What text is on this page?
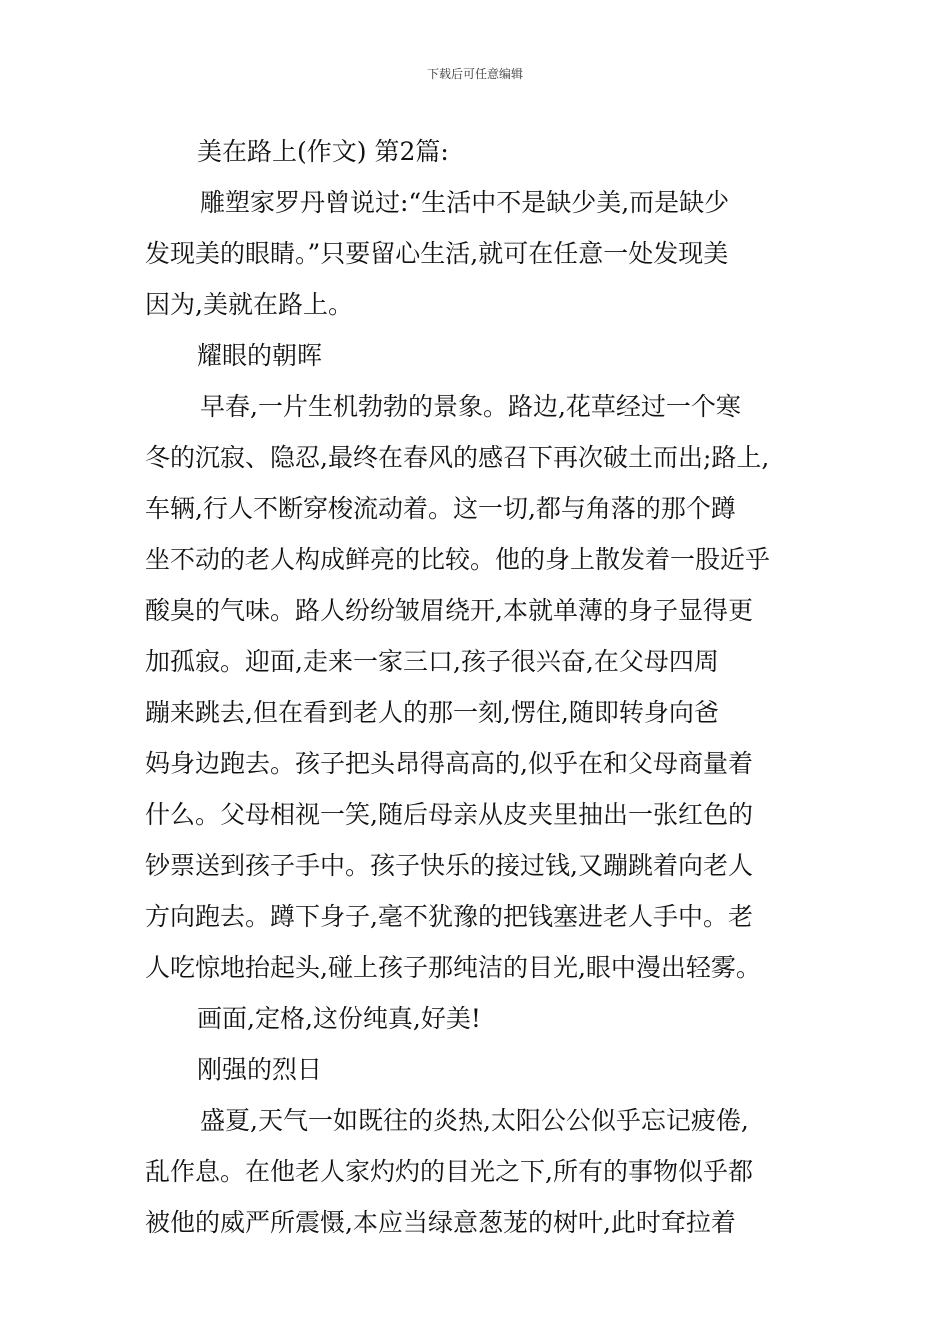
下载后可任意编辑
美在路上(作文) 第2篇:
雕塑家罗丹曾说过:“生活中不是缺少美,而是缺少
发现美的眼睛。”只要留心生活,就可在任意一处发现美
因为,美就在路上。
耀眼的朝晖
早春,一片生机勃勃的景象。路边,花草经过一个寒
冬的沉寂、隐忍,最终在春风的感召下再次破土而出;路上,
车辆,行人不断穿梭流动着。这一切,都与角落的那个蹲
坐不动的老人构成鲜亮的比较。他的身上散发着一股近乎
酸臭的气味。路人纷纷皱眉绕开,本就单薄的身子显得更
加孤寂。迎面,走来一家三口,孩子很兴奋,在父母四周
蹦来跳去,但在看到老人的那一刻,愣住,随即转身向爸
妈身边跑去。孩子把头昂得高高的,似乎在和父母商量着
什么。父母相视一笑,随后母亲从皮夹里抽出一张红色的
钞票送到孩子手中。孩子快乐的接过钱,又蹦跳着向老人
方向跑去。蹲下身子,毫不犹豫的把钱塞进老人手中。老
人吃惊地抬起头,碰上孩子那纯洁的目光,眼中漫出轻雾。
画面,定格,这份纯真,好美!
刚强的烈日
盛夏,天气一如既往的炎热,太阳公公似乎忘记疲倦,
乱作息。在他老人家灼灼的目光之下,所有的事物似乎都
被他的威严所震慑,本应当绿意葱茏的树叶,此时耷拉着
